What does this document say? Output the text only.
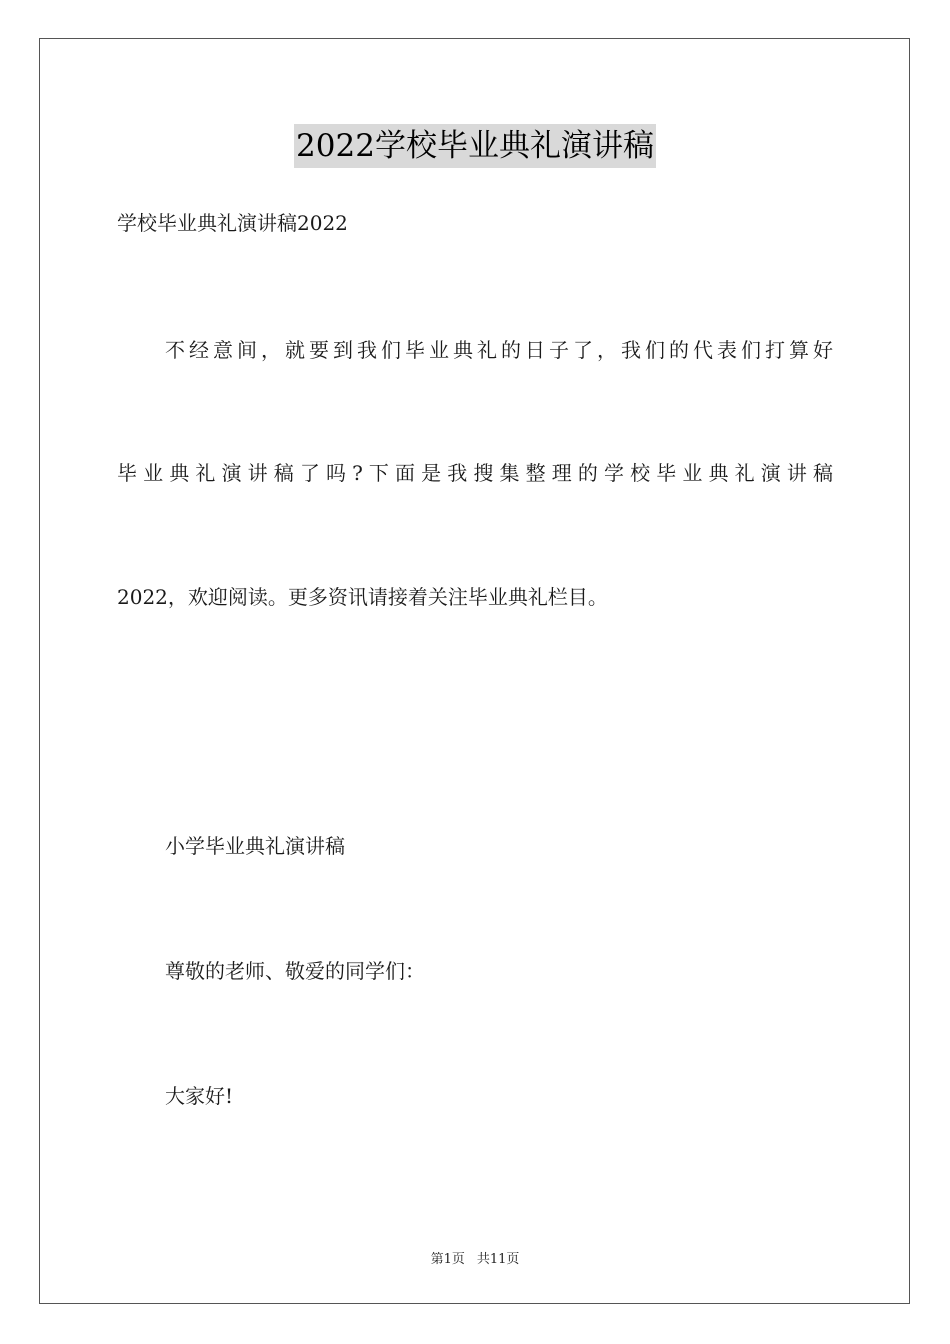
2022学校毕业典礼演讲稿
学校毕业典礼演讲稿2022
不经意间，就要到我们毕业典礼的日子了，我们的代表们打算好
毕业典礼演讲稿了吗?下面是我搜集整理的学校毕业典礼演讲稿
2022，欢迎阅读。更多资讯请接着关注毕业典礼栏目。
小学毕业典礼演讲稿
尊敬的老师、敬爱的同学们：
大家好!
第1页 共11页
